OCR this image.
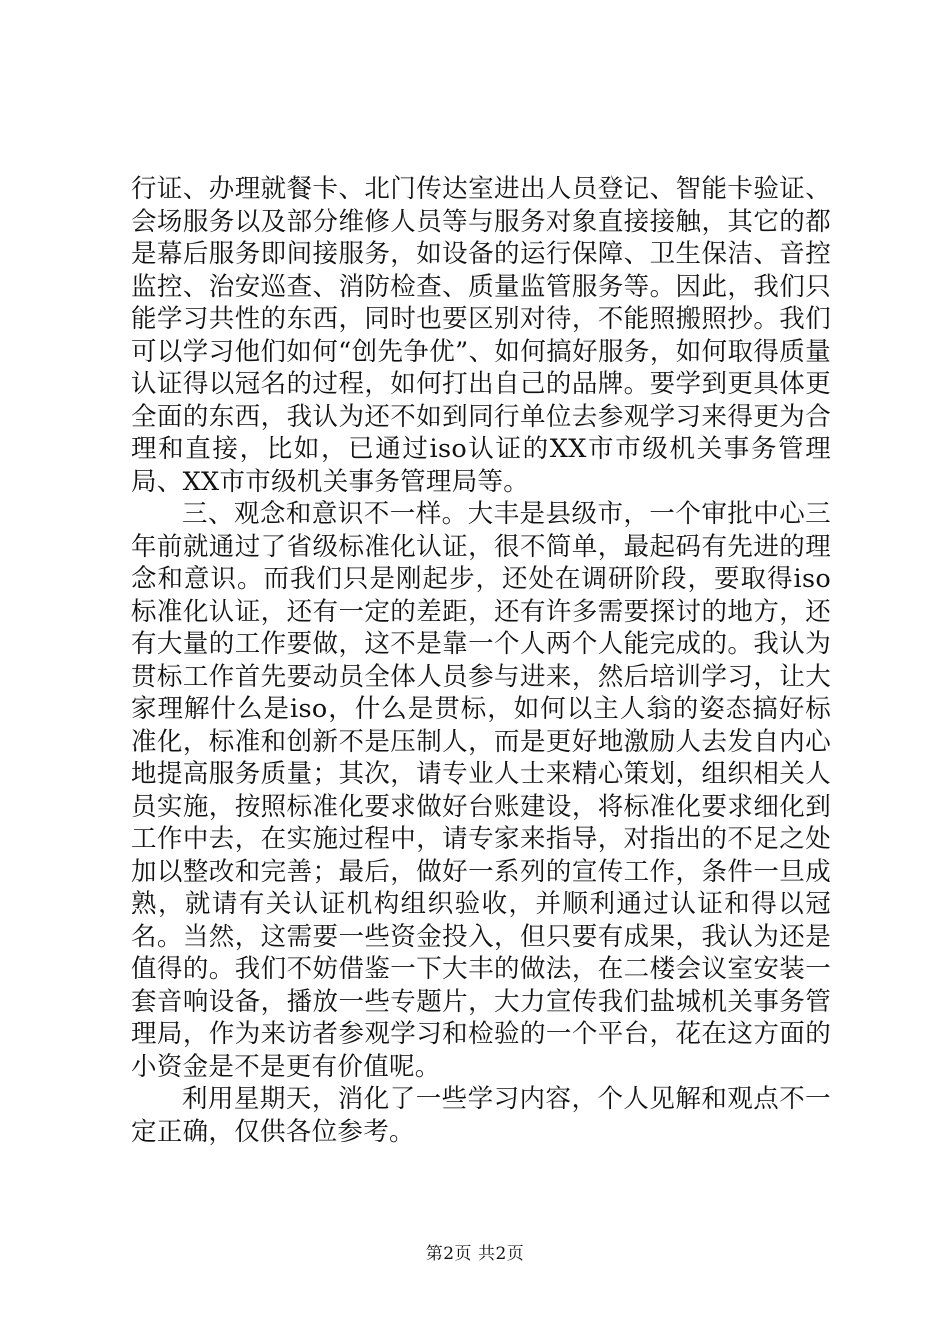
行证、办理就餐卡、北门传达室进出人员登记、智能卡验证、会场服务以及部分维修人员等与服务对象直接接触，其它的都是幕后服务即间接服务，如设备的运行保障、卫生保洁、音控监控、治安巡查、消防检查、质量监管服务等。因此，我们只能学习共性的东西，同时也要区别对待，不能照搬照抄。我们可以学习他们如何“创先争优”、如何搞好服务，如何取得质量认证得以冠名的过程，如何打出自己的品牌。要学到更具体更全面的东西，我认为还不如到同行单位去参观学习来得更为合理和直接，比如，已通过iso认证的XX市市级机关事务管理局、XX市市级机关事务管理局等。

三、观念和意识不一样。大丰是县级市，一个审批中心三年前就通过了省级标准化认证，很不简单，最起码有先进的理念和意识。而我们只是刚起步，还处在调研阶段，要取得iso标准化认证，还有一定的差距，还有许多需要探讨的地方，还有大量的工作要做，这不是靠一个人两个人能完成的。我认为贯标工作首先要动员全体人员参与进来，然后培训学习，让大家理解什么是iso，什么是贯标，如何以主人翁的姿态搞好标准化，标准和创新不是压制人，而是更好地激励人去发自内心地提高服务质量；其次，请专业人士来精心策划，组织相关人员实施，按照标准化要求做好台账建设，将标准化要求细化到工作中去，在实施过程中，请专家来指导，对指出的不足之处加以整改和完善；最后，做好一系列的宣传工作，条件一旦成熟，就请有关认证机构组织验收，并顺利通过认证和得以冠名。当然，这需要一些资金投入，但只要有成果，我认为还是值得的。我们不妨借鉴一下大丰的做法，在二楼会议室安装一套音响设备，播放一些专题片，大力宣传我们盐城机关事务管理局，作为来访者参观学习和检验的一个平台，花在这方面的小资金是不是更有价值呢。

利用星期天，消化了一些学习内容，个人见解和观点不一定正确，仅供各位参考。

第2页 共2页
